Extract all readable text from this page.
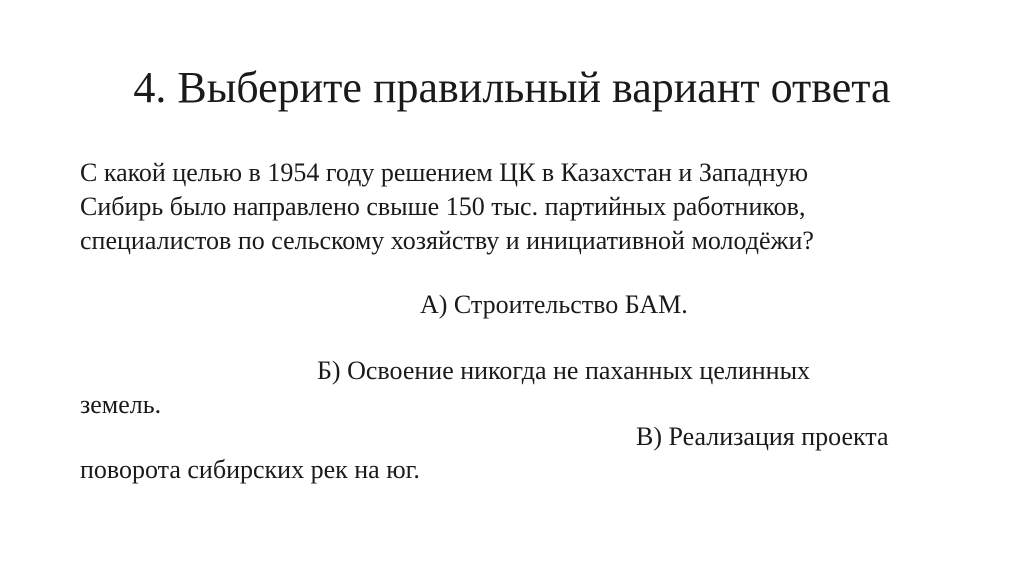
4. Выберите правильный вариант ответа

С какой целью в 1954 году решением ЦК в Казахстан и Западную
Сибирь было направлено свыше 150 тыс. партийных работников,
специалистов по сельскому хозяйству и инициативной молодёжи?

А) Строительство БАМ.
Б) Освоение никогда не паханных целинных
земель.
В) Реализация проекта
поворота сибирских рек на юг.
